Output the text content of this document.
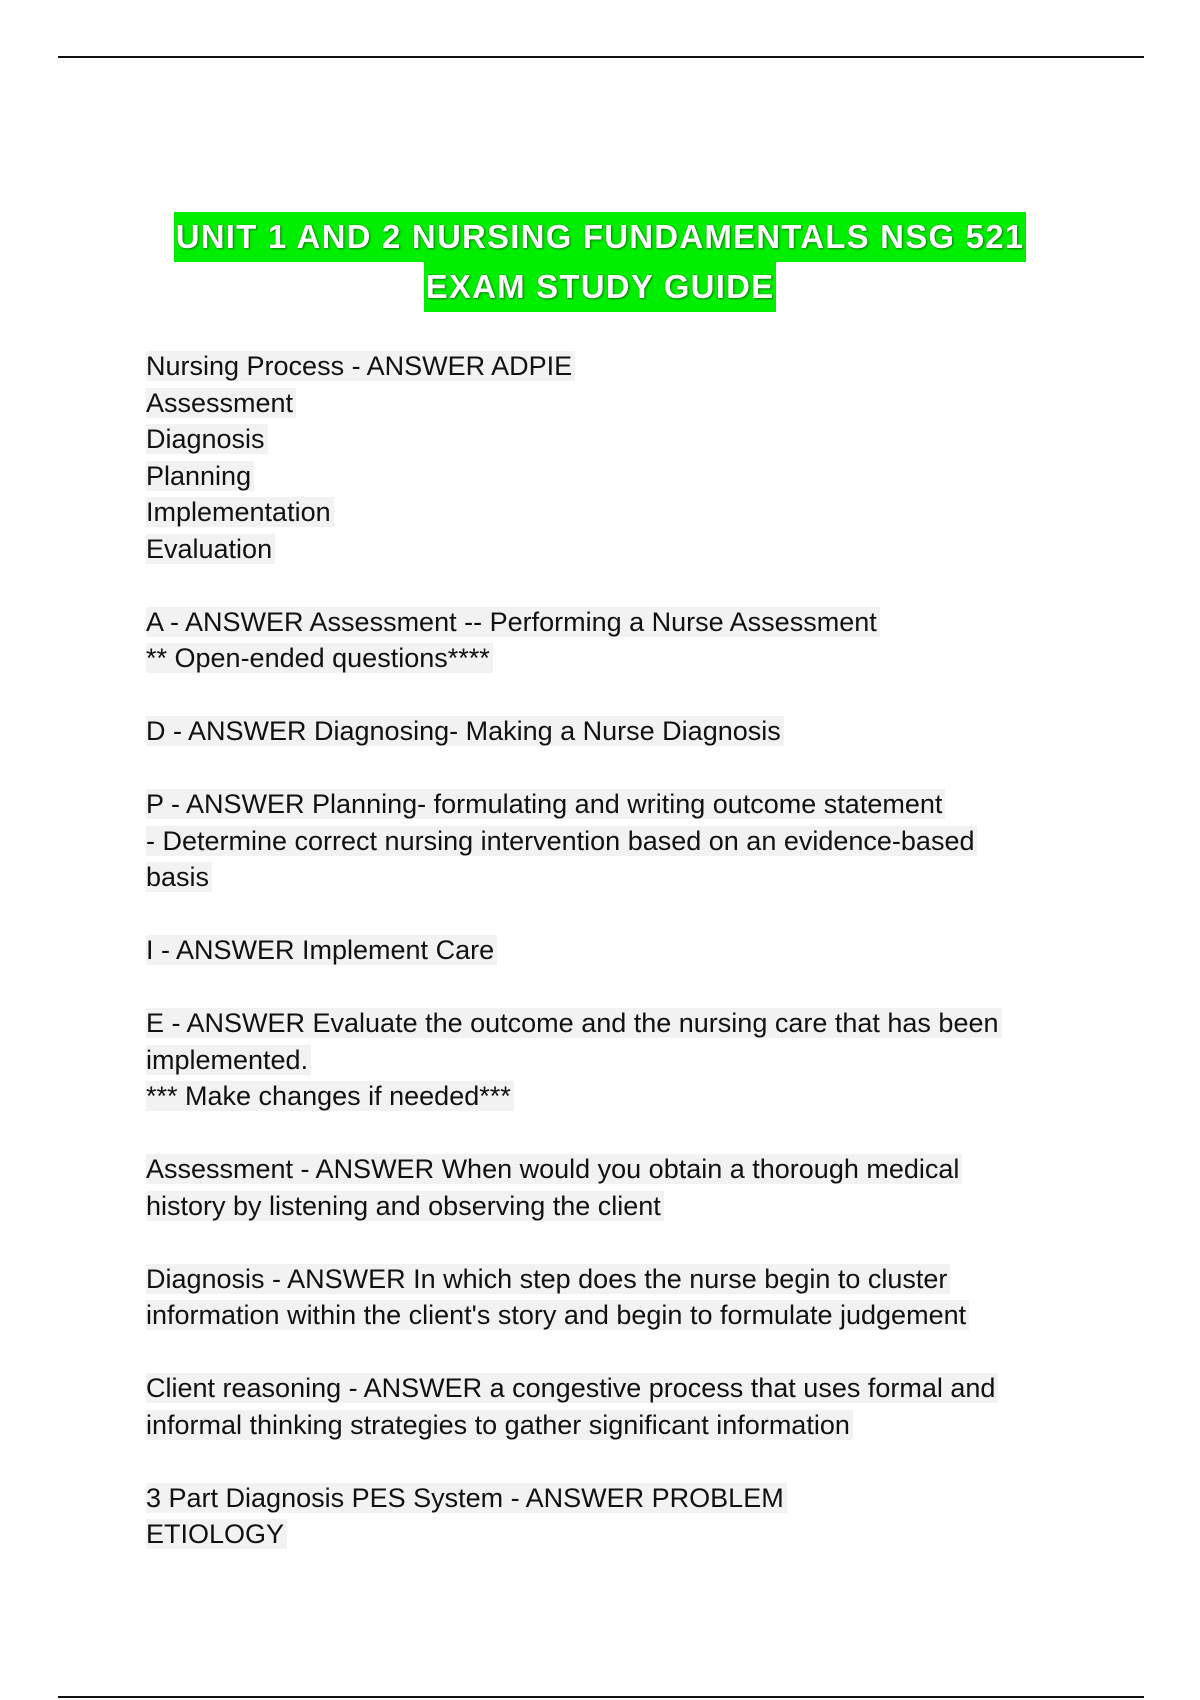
UNIT 1 AND 2 NURSING FUNDAMENTALS NSG 521
EXAM STUDY GUIDE
Nursing Process - ANSWER ADPIE
Assessment
Diagnosis
Planning
Implementation
Evaluation
A - ANSWER Assessment -- Performing a Nurse Assessment
** Open-ended questions****
D - ANSWER Diagnosing- Making a Nurse Diagnosis
P - ANSWER Planning- formulating and writing outcome statement
- Determine correct nursing intervention based on an evidence-based
basis
I - ANSWER Implement Care
E - ANSWER Evaluate the outcome and the nursing care that has been
implemented.
*** Make changes if needed***
Assessment - ANSWER When would you obtain a thorough medical
history by listening and observing the client
Diagnosis - ANSWER In which step does the nurse begin to cluster
information within the client's story and begin to formulate judgement
Client reasoning - ANSWER a congestive process that uses formal and
informal thinking strategies to gather significant information
3 Part Diagnosis PES System - ANSWER PROBLEM
ETIOLOGY
